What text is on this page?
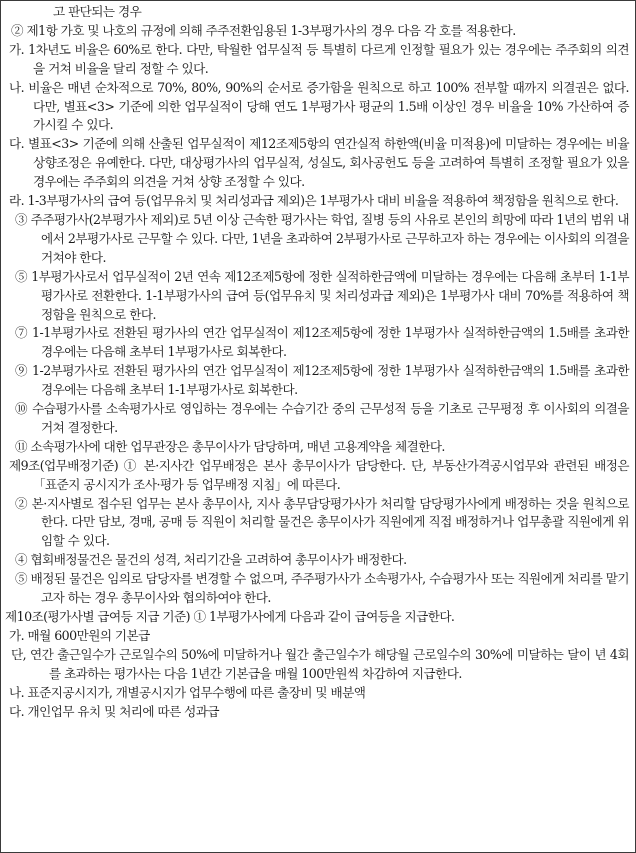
고 판단되는 경우

② 제1항 가호 및 나호의 규정에 의해 주주전환임용된 1-3부평가사의 경우 다음 각 호를 적용한다.

가. 1차년도 비율은 60%로 한다. 다만, 탁월한 업무실적 등 특별히 다르게 인정할 필요가 있는 경우에는 주주회의 의견을 거쳐 비율을 달리 정할 수 있다.

나. 비율은 매년 순차적으로 70%, 80%, 90%의 순서로 증가함을 원칙으로 하고 100% 전부할 때까지 의결권은 없다. 다만, 별표<3> 기준에 의한 업무실적이 당해 연도 1부평가사 평균의 1.5배 이상인 경우 비율을 10% 가산하여 증가시킬 수 있다.

다. 별표<3> 기준에 의해 산출된 업무실적이 제12조제5항의 연간실적 하한액(비율 미적용)에 미달하는 경우에는 비율 상향조정은 유예한다. 다만, 대상평가사의 업무실적, 성실도, 회사공헌도 등을 고려하여 특별히 조정할 필요가 있을 경우에는 주주회의 의견을 거쳐 상향 조정할 수 있다.

라. 1-3부평가사의 급여 등(업무유치 및 처리성과급 제외)은 1부평가사 대비 비율을 적용하여 책정함을 원칙으로 한다.

③ 주주평가사(2부평가사 제외)로 5년 이상 근속한 평가사는 학업, 질병 등의 사유로 본인의 희망에 따라 1년의 범위 내에서 2부평가사로 근무할 수 있다. 다만, 1년을 초과하여 2부평가사로 근무하고자 하는 경우에는 이사회의 의결을 거쳐야 한다.

⑤ 1부평가사로서 업무실적이 2년 연속 제12조제5항에 정한 실적하한금액에 미달하는 경우에는 다음해 초부터 1-1부평가사로 전환한다. 1-1부평가사의 급여 등(업무유치 및 처리성과급 제외)은 1부평가사 대비 70%를 적용하여 책정함을 원칙으로 한다.

⑦ 1-1부평가사로 전환된 평가사의 연간 업무실적이 제12조제5항에 정한 1부평가사 실적하한금액의 1.5배를 초과한 경우에는 다음해 초부터 1부평가사로 회복한다.

⑨ 1-2부평가사로 전환된 평가사의 연간 업무실적이 제12조제5항에 정한 1부평가사 실적하한금액의 1.5배를 초과한 경우에는 다음해 초부터 1-1부평가사로 회복한다.

⑩ 수습평가사를 소속평가사로 영입하는 경우에는 수습기간 중의 근무성적 등을 기초로 근무평정 후 이사회의 의결을 거쳐 결정한다.

⑪ 소속평가사에 대한 업무관장은 총무이사가 담당하며, 매년 고용계약을 체결한다.

제9조(업무배정기준) ① 본·지사간 업무배정은 본사 총무이사가 담당한다. 단, 부동산가격공시업무와 관련된 배정은 「표준지 공시지가 조사·평가 등 업무배정 지침」에 따른다.

② 본·지사별로 접수된 업무는 본사 총무이사, 지사 총무담당평가사가 처리할 담당평가사에게 배정하는 것을 원칙으로 한다. 다만 담보, 경매, 공매 등 직원이 처리할 물건은 총무이사가 직원에게 직접 배정하거나 업무총괄 직원에게 위임할 수 있다.

④ 협회배정물건은 물건의 성격, 처리기간을 고려하여 총무이사가 배정한다.

⑤ 배정된 물건은 임의로 담당자를 변경할 수 없으며, 주주평가사가 소속평가사, 수습평가사 또는 직원에게 처리를 맡기고자 하는 경우 총무이사와 협의하여야 한다.

제10조(평가사별 급여등 지급 기준) ① 1부평가사에게 다음과 같이 급여등을 지급한다.

가. 매월 600만원의 기본급

단, 연간 출근일수가 근로일수의 50%에 미달하거나 월간 출근일수가 해당월 근로일수의 30%에 미달하는 달이 년 4회를 초과하는 평가사는 다음 1년간 기본급을 매월 100만원씩 차감하여 지급한다.

나. 표준지공시지가, 개별공시지가 업무수행에 따른 출장비 및 배분액

다. 개인업무 유치 및 처리에 따른 성과급
